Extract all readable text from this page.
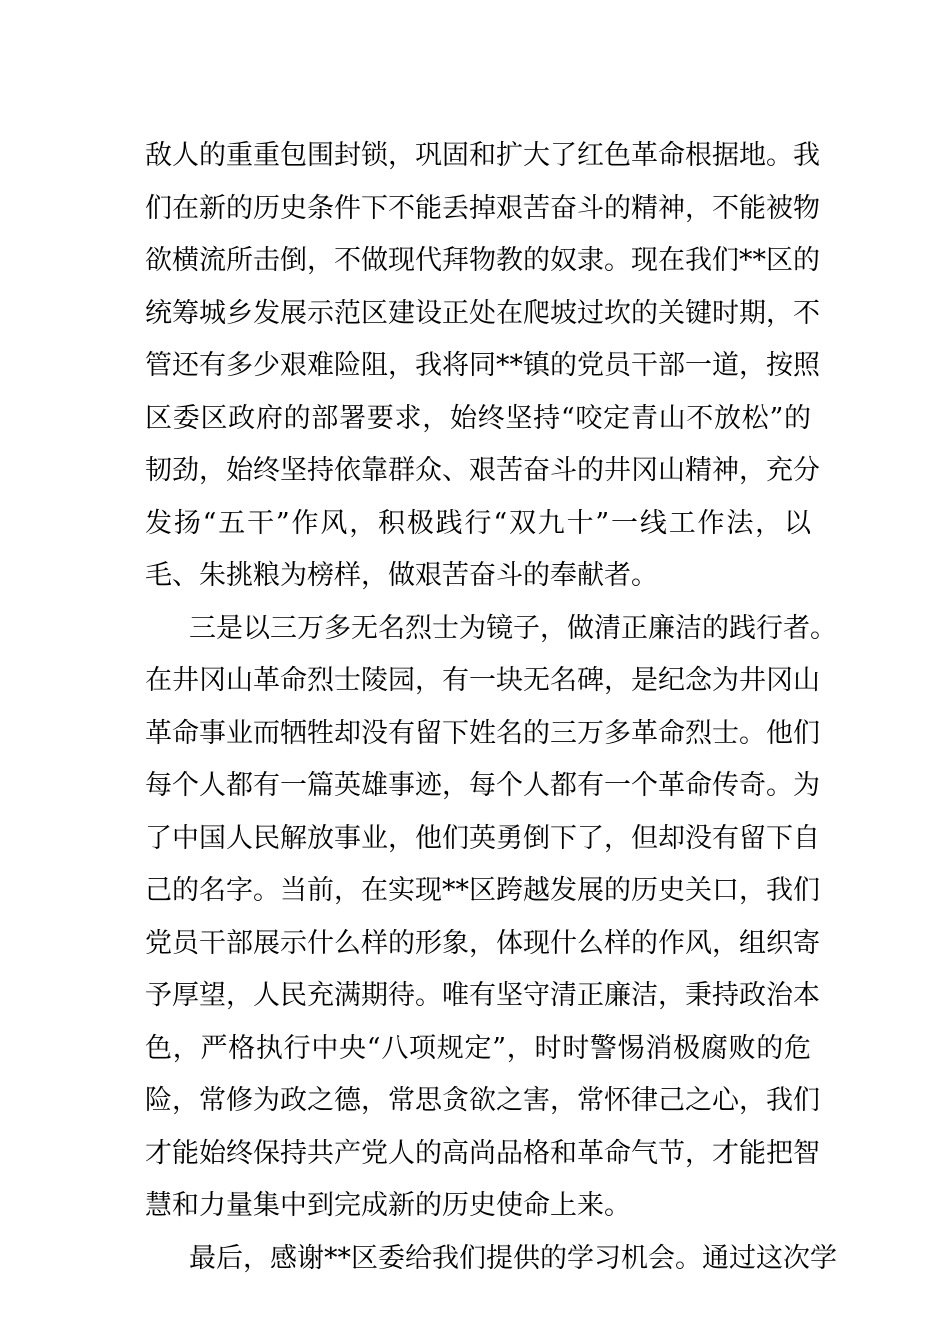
敌人的重重包围封锁，巩固和扩大了红色革命根据地。我
们在新的历史条件下不能丢掉艰苦奋斗的精神，不能被物
欲横流所击倒，不做现代拜物教的奴隶。现在我们**区的
统筹城乡发展示范区建设正处在爬坡过坎的关键时期，不
管还有多少艰难险阻，我将同**镇的党员干部一道，按照
区委区政府的部署要求，始终坚持“咬定青山不放松”的
韧劲，始终坚持依靠群众、艰苦奋斗的井冈山精神，充分
发扬“五干”作风，积极践行“双九十”一线工作法，以
毛、朱挑粮为榜样，做艰苦奋斗的奉献者。
三是以三万多无名烈士为镜子，做清正廉洁的践行者。
在井冈山革命烈士陵园，有一块无名碑，是纪念为井冈山
革命事业而牺牲却没有留下姓名的三万多革命烈士。他们
每个人都有一篇英雄事迹，每个人都有一个革命传奇。为
了中国人民解放事业，他们英勇倒下了，但却没有留下自
己的名字。当前，在实现**区跨越发展的历史关口，我们
党员干部展示什么样的形象，体现什么样的作风，组织寄
予厚望，人民充满期待。唯有坚守清正廉洁，秉持政治本
色，严格执行中央“八项规定”，时时警惕消极腐败的危
险，常修为政之德，常思贪欲之害，常怀律己之心，我们
才能始终保持共产党人的高尚品格和革命气节，才能把智
慧和力量集中到完成新的历史使命上来。
最后，感谢**区委给我们提供的学习机会。通过这次学
